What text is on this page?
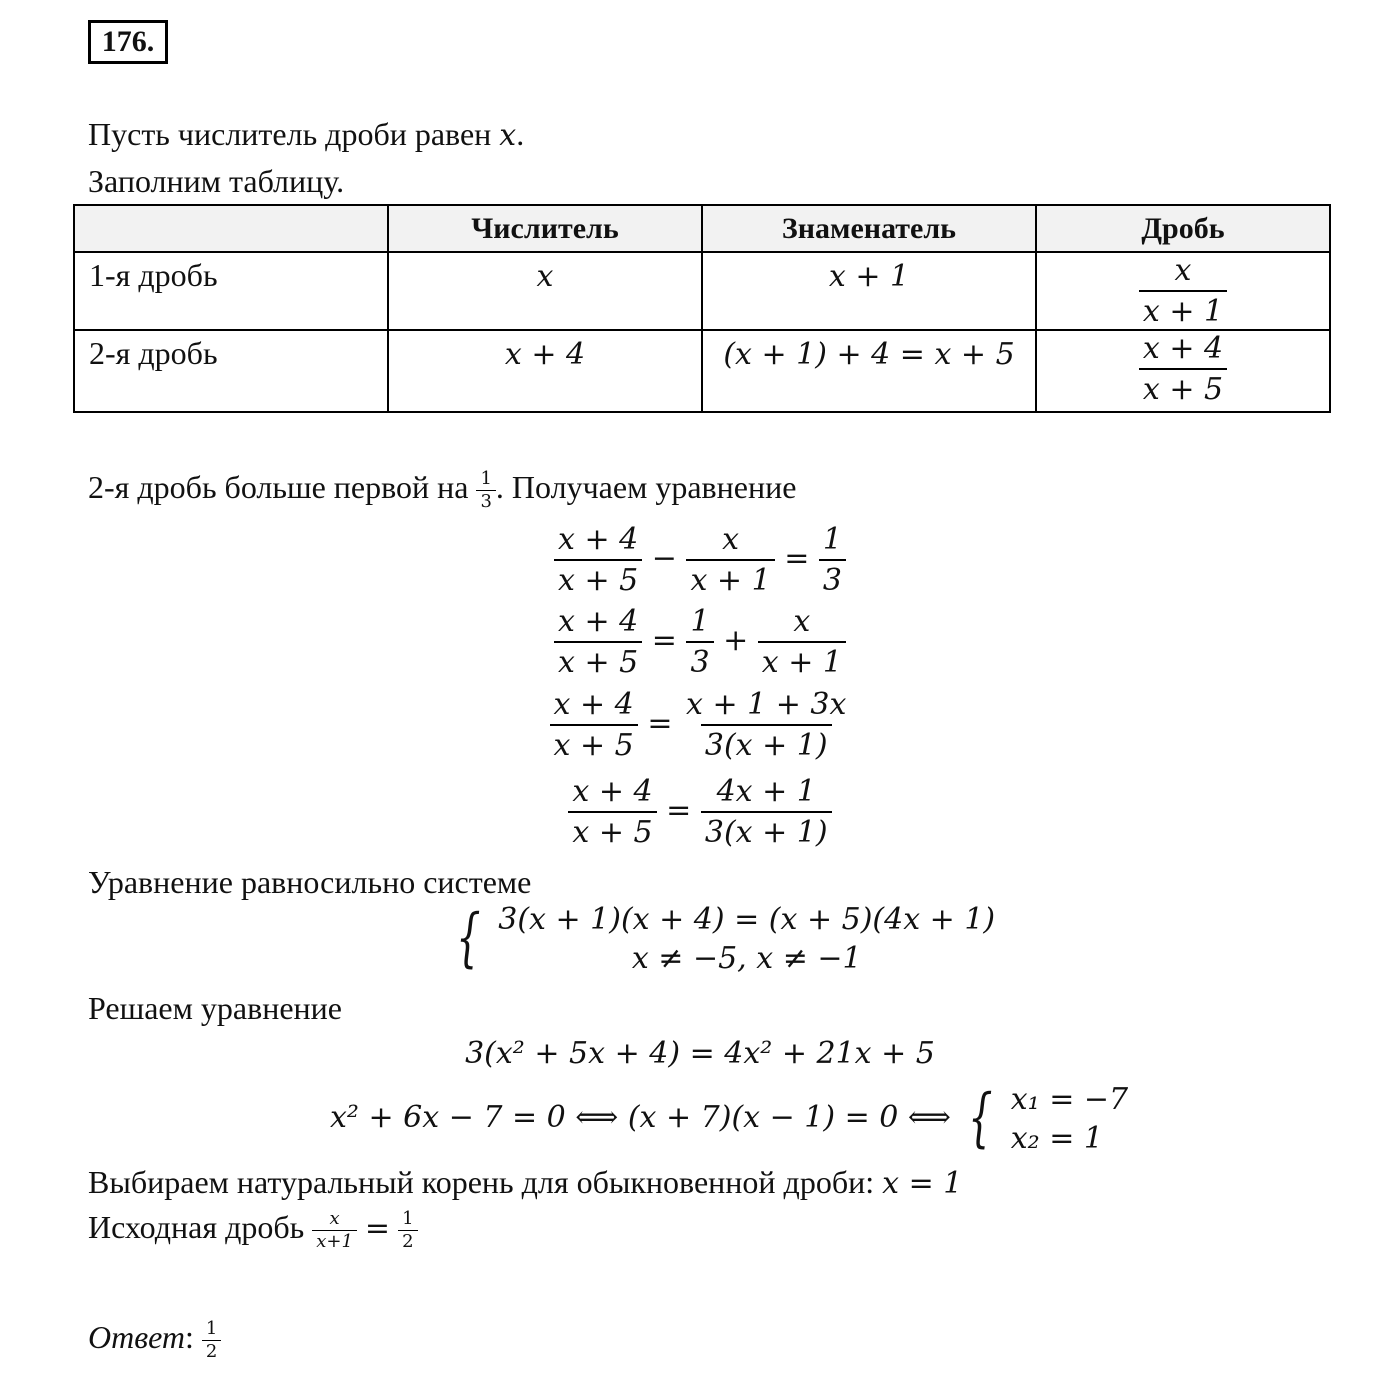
176.
Пусть числитель дроби равен x.
Заполним таблицу.
	Числитель	Знаменатель	Дробь
1-я дробь	x	x + 1	$\frac{x}{x + 1}$

2-я дробь	x + 4	(x + 1) + 4 = x + 5	$\frac{x + 4}{x + 5}$
2-я дробь больше первой на $\frac{1}{3}$ . Получаем уравнение
$\frac{x + 4}{x + 5} - \frac{x}{x + 1} = \frac{1}{3}$
$\frac{x + 4}{x + 5} = \frac{1}{3} + \frac{x}{x + 1}$
$\frac{x + 4}{x + 5} = \frac{x + 1 + 3x}{3(x + 1)}$
$\frac{x + 4}{x + 5} = \frac{4x + 1}{3(x + 1)}$
Уравнение равносильно системе
{ 3(x + 1)(x + 4) = (x + 5)(4x + 1)
x ≠ −5, x ≠ −1
Решаем уравнение
3(x² + 5x + 4) = 4x² + 21x + 5
x² + 6x − 7 = 0 ⟺ (x + 7)(x − 1) = 0 ⟺ { x₁ = −7
x₂ = 1
Выбираем натуральный корень для обыкновенной дроби: x = 1
Исходная дробь $\frac{x}{x+1} = \frac{1}{2}$
Ответ: $\frac{1}{2}$
